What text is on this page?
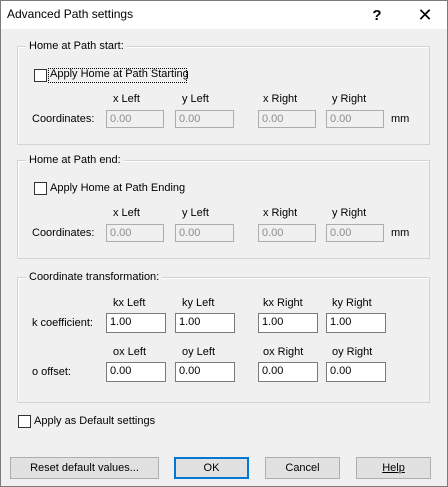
Advanced Path settings	?	✕
Home at Path start:
Apply Home at Path Starting
x Left	y Left	x Right	y Right
Coordinates:	0.00	0.00	0.00	0.00	mm
Home at Path end:
Apply Home at Path Ending
x Left	y Left	x Right	y Right
Coordinates:	0.00	0.00	0.00	0.00	mm
Coordinate transformation:
kx Left	ky Left	kx Right	ky Right
k coefficient:	1.00	1.00	1.00	1.00
ox Left	oy Left	ox Right	oy Right
o offset:	0.00	0.00	0.00	0.00
Apply as Default settings
Reset default values...	OK	Cancel	Help
